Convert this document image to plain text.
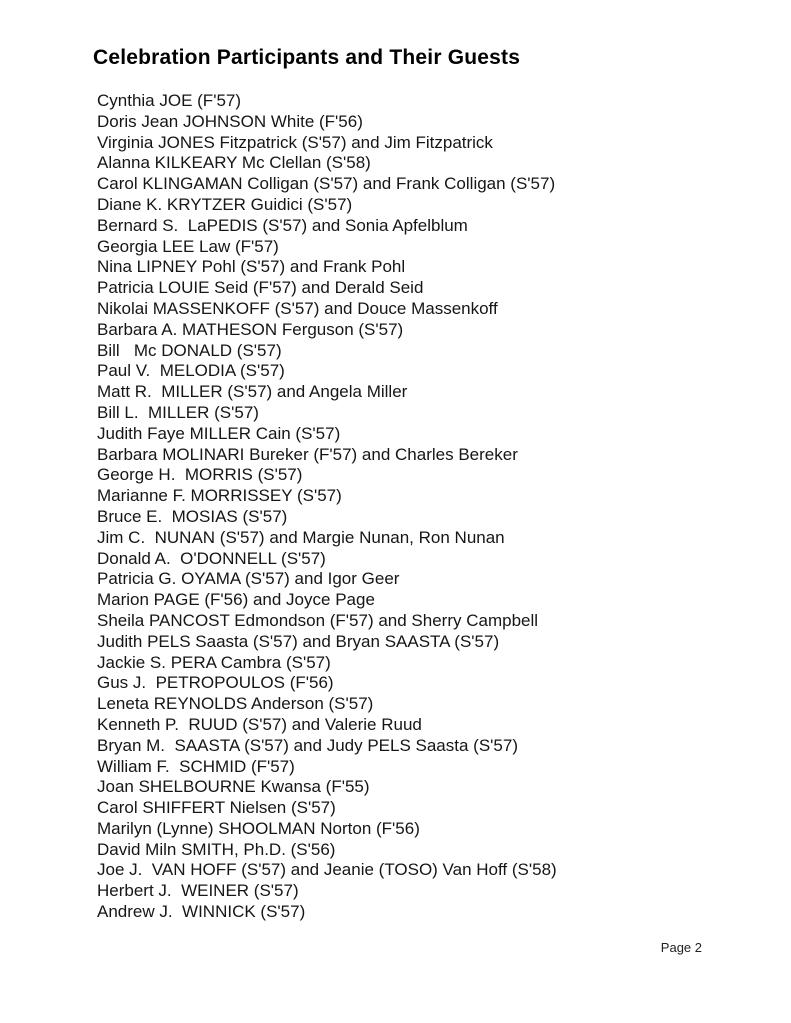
Celebration Participants and Their Guests
Cynthia JOE (F'57)
Doris Jean JOHNSON White (F'56)
Virginia JONES Fitzpatrick (S'57) and Jim Fitzpatrick
Alanna KILKEARY Mc Clellan (S'58)
Carol KLINGAMAN Colligan (S'57) and Frank Colligan (S'57)
Diane K. KRYTZER Guidici (S'57)
Bernard S.  LaPEDIS (S'57) and Sonia Apfelblum
Georgia LEE Law (F'57)
Nina LIPNEY Pohl (S'57) and Frank Pohl
Patricia LOUIE Seid (F'57) and Derald Seid
Nikolai MASSENKOFF (S'57) and Douce Massenkoff
Barbara A. MATHESON Ferguson (S'57)
Bill   Mc DONALD (S'57)
Paul V.  MELODIA (S'57)
Matt R.  MILLER (S'57) and Angela Miller
Bill L.  MILLER (S'57)
Judith Faye MILLER Cain (S'57)
Barbara MOLINARI Bureker (F'57) and Charles Bereker
George H.  MORRIS (S'57)
Marianne F. MORRISSEY (S'57)
Bruce E.  MOSIAS (S'57)
Jim C.  NUNAN (S'57) and Margie Nunan, Ron Nunan
Donald A.  O'DONNELL (S'57)
Patricia G. OYAMA (S'57) and Igor Geer
Marion PAGE (F'56) and Joyce Page
Sheila PANCOST Edmondson (F'57) and Sherry Campbell
Judith PELS Saasta (S'57) and Bryan SAASTA (S'57)
Jackie S. PERA Cambra (S'57)
Gus J.  PETROPOULOS (F'56)
Leneta REYNOLDS Anderson (S'57)
Kenneth P.  RUUD (S'57) and Valerie Ruud
Bryan M.  SAASTA (S'57) and Judy PELS Saasta (S'57)
William F.  SCHMID (F'57)
Joan SHELBOURNE Kwansa (F'55)
Carol SHIFFERT Nielsen (S'57)
Marilyn (Lynne) SHOOLMAN Norton (F'56)
David Miln SMITH, Ph.D. (S'56)
Joe J.  VAN HOFF (S'57) and Jeanie (TOSO) Van Hoff (S'58)
Herbert J.  WEINER (S'57)
Andrew J.  WINNICK (S'57)
Page 2
